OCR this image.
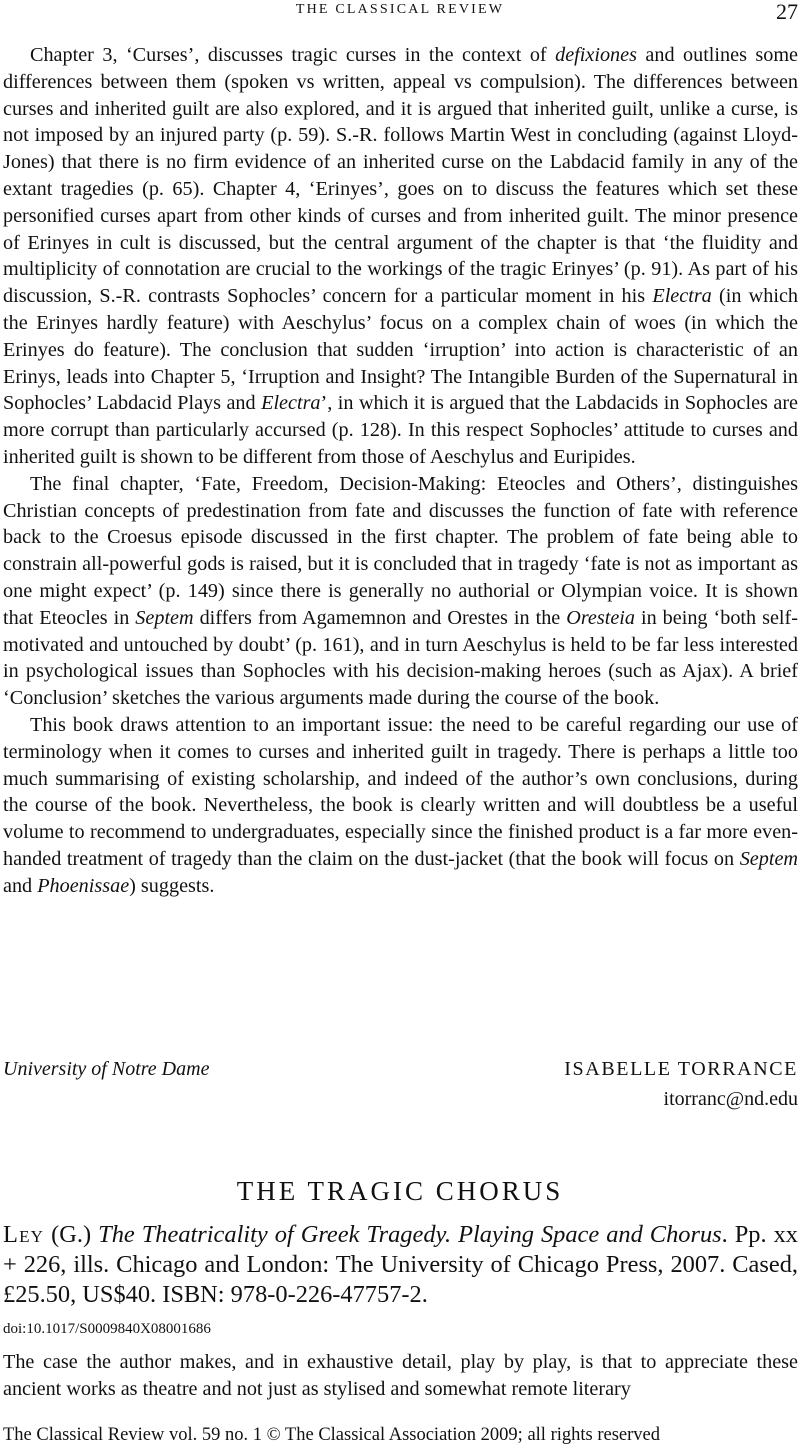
THE CLASSICAL REVIEW	27

Chapter 3, ‘Curses’, discusses tragic curses in the context of defixiones and outlines some differences between them (spoken vs written, appeal vs compulsion). The differences between curses and inherited guilt are also explored, and it is argued that inherited guilt, unlike a curse, is not imposed by an injured party (p. 59). S.-R. follows Martin West in concluding (against Lloyd-Jones) that there is no firm evidence of an inherited curse on the Labdacid family in any of the extant tragedies (p. 65). Chapter 4, ‘Erinyes’, goes on to discuss the features which set these personified curses apart from other kinds of curses and from inherited guilt. The minor presence of Erinyes in cult is discussed, but the central argument of the chapter is that ‘the fluidity and multiplicity of connotation are crucial to the workings of the tragic Erinyes’ (p. 91). As part of his discussion, S.-R. contrasts Sophocles’ concern for a particular moment in his Electra (in which the Erinyes hardly feature) with Aeschylus’ focus on a complex chain of woes (in which the Erinyes do feature). The conclusion that sudden ‘irruption’ into action is characteristic of an Erinys, leads into Chapter 5, ‘Irruption and Insight? The Intangible Burden of the Supernatural in Sophocles’ Labdacid Plays and Electra’, in which it is argued that the Labdacids in Sophocles are more corrupt than particularly accursed (p. 128). In this respect Sophocles’ attitude to curses and inherited guilt is shown to be different from those of Aeschylus and Euripides.

The final chapter, ‘Fate, Freedom, Decision-Making: Eteocles and Others’, distinguishes Christian concepts of predestination from fate and discusses the function of fate with reference back to the Croesus episode discussed in the first chapter. The problem of fate being able to constrain all-powerful gods is raised, but it is concluded that in tragedy ‘fate is not as important as one might expect’ (p. 149) since there is generally no authorial or Olympian voice. It is shown that Eteocles in Septem differs from Agamemnon and Orestes in the Oresteia in being ‘both self-motivated and untouched by doubt’ (p. 161), and in turn Aeschylus is held to be far less interested in psychological issues than Sophocles with his decision-making heroes (such as Ajax). A brief ‘Conclusion’ sketches the various arguments made during the course of the book.

This book draws attention to an important issue: the need to be careful regarding our use of terminology when it comes to curses and inherited guilt in tragedy. There is perhaps a little too much summarising of existing scholarship, and indeed of the author’s own conclusions, during the course of the book. Nevertheless, the book is clearly written and will doubtless be a useful volume to recommend to undergraduates, especially since the finished product is a far more even-handed treatment of tragedy than the claim on the dust-jacket (that the book will focus on Septem and Phoenissae) suggests.

University of Notre Dame	ISABELLE TORRANCE
itorranc@nd.edu
THE TRAGIC CHORUS
Ley (G.) The Theatricality of Greek Tragedy. Playing Space and Chorus. Pp. xx + 226, ills. Chicago and London: The University of Chicago Press, 2007. Cased, £25.50, US$40. ISBN: 978-0-226-47757-2.
doi:10.1017/S0009840X08001686

The case the author makes, and in exhaustive detail, play by play, is that to appreciate these ancient works as theatre and not just as stylised and somewhat remote literary

The Classical Review vol. 59 no. 1 © The Classical Association 2009; all rights reserved
